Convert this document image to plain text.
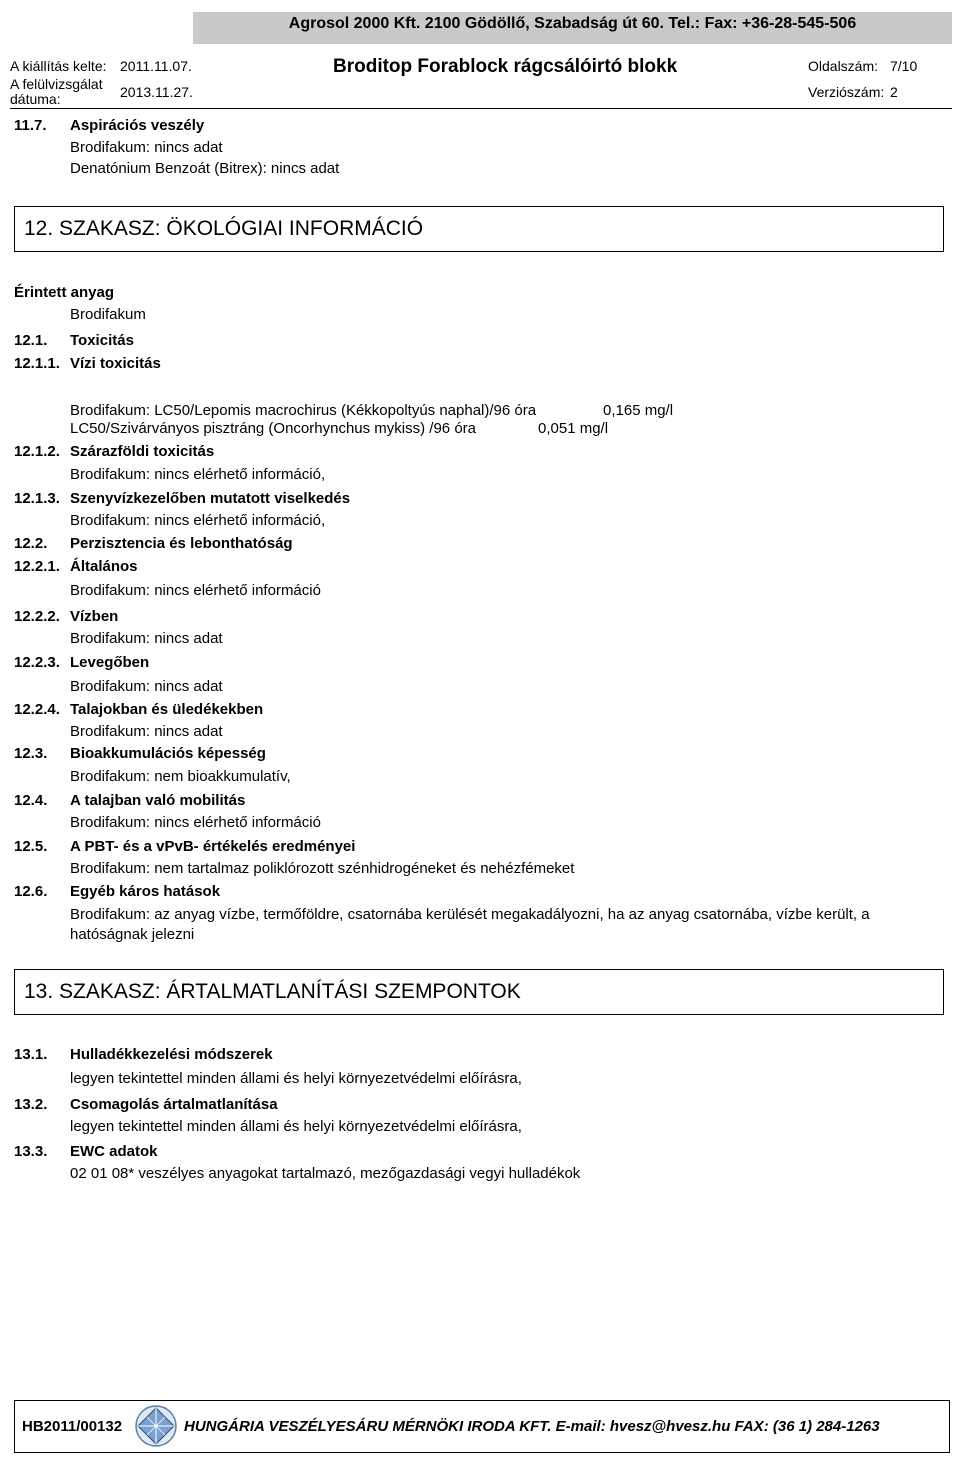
Agrosol 2000 Kft. 2100 Gödöllő, Szabadság út 60. Tel.: Fax: +36-28-545-506
A kiállítás kelte: 2011.11.07.
A felülvizsgálat
dátuma:	2013.11.27.
Broditop Forablock rágcsálóirtó blokk	Oldalszám: 7/10
Verziószám: 2
11.7. Aspirációs veszély
Brodifakum: nincs adat
Denatónium Benzoát (Bitrex): nincs adat
12. SZAKASZ: ÖKOLÓGIAI INFORMÁCIÓ
Érintett anyag
Brodifakum
12.1. Toxicitás
12.1.1. Vízi toxicitás
Brodifakum: LC50/Lepomis macrochirus (Kékkopoltyús naphal)/96 óra	0,165 mg/l
LC50/Szivárványos pisztráng (Oncorhynchus mykiss) /96 óra	0,051 mg/l
12.1.2. Szárazföldi toxicitás
Brodifakum: nincs elérhető információ,
12.1.3. Szenyvízkezelőben mutatott viselkedés
Brodifakum: nincs elérhető információ,
12.2. Perzisztencia és lebonthatóság
12.2.1. Általános
Brodifakum: nincs elérhető információ
12.2.2. Vízben
Brodifakum: nincs adat
12.2.3. Levegőben
Brodifakum: nincs adat
12.2.4. Talajokban és üledékekben
Brodifakum: nincs adat
12.3. Bioakkumulációs képesség
Brodifakum: nem bioakkumulatív,
12.4. A talajban való mobilitás
Brodifakum: nincs elérhető információ
12.5. A PBT- és a vPvB- értékelés eredményei
Brodifakum: nem tartalmaz poliklórozott szénhidrogéneket és nehézfémeket
12.6. Egyéb káros hatások
Brodifakum: az anyag vízbe, termőföldre, csatornába kerülését megakadályozni, ha az anyag csatornába, vízbe került, a
hatóságnak jelezni
13. SZAKASZ: ÁRTALMATLANÍTÁSI SZEMPONTOK
13.1. Hulladékkezelési módszerek
legyen tekintettel minden állami és helyi környezetvédelmi előírásra,
13.2. Csomagolás ártalmatlanítása
legyen tekintettel minden állami és helyi környezetvédelmi előírásra,
13.3. EWC adatok
02 01 08* veszélyes anyagokat tartalmazó, mezőgazdasági vegyi hulladékok
HB2011/00132	HUNGÁRIA VESZÉLYESÁRU MÉRNÖKI IRODA KFT. E-mail: hvesz@hvesz.hu FAX: (36 1) 284-1263
